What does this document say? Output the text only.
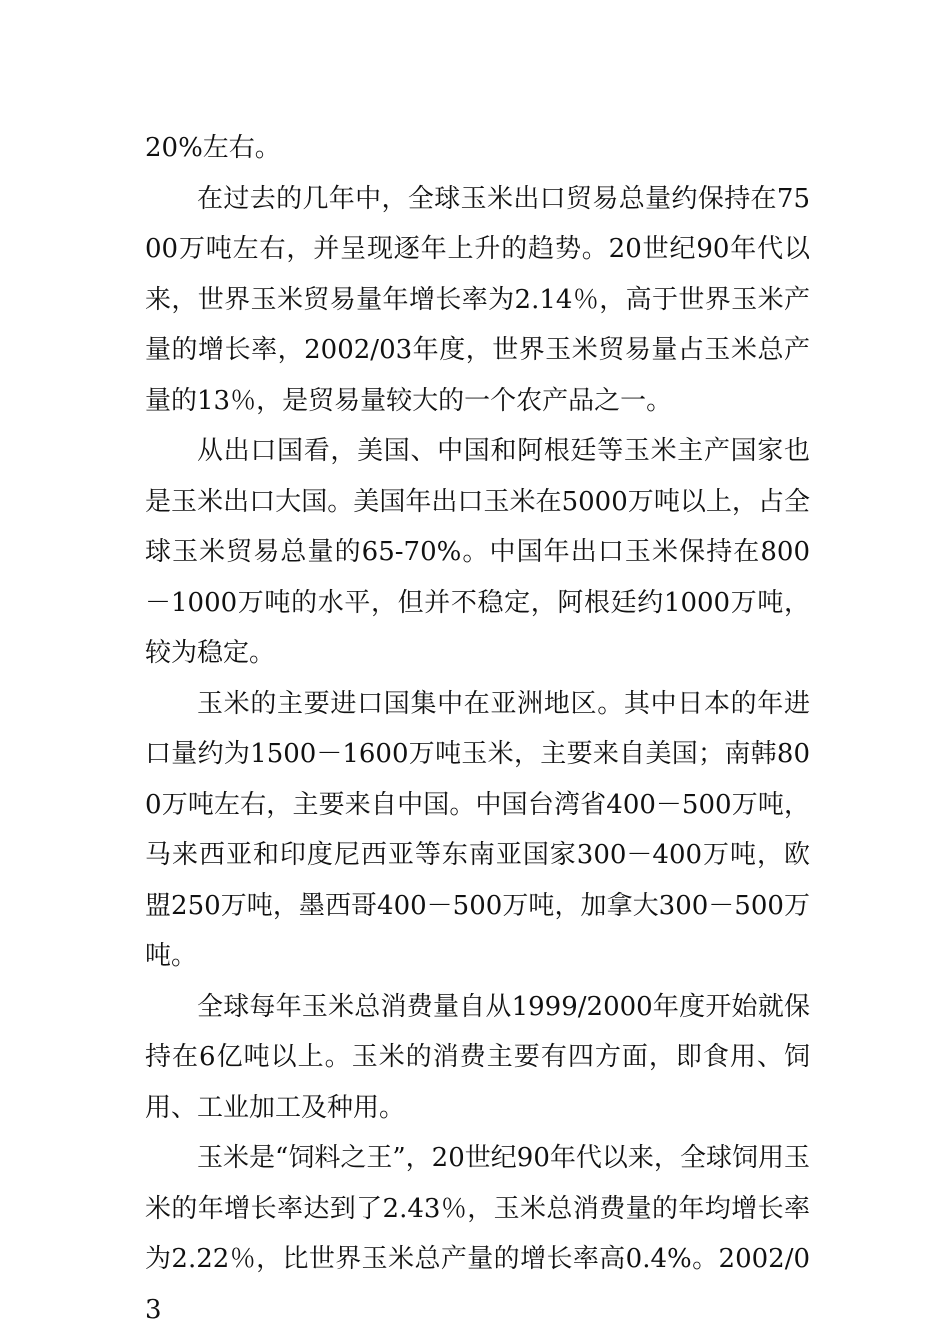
20%左右。

在过去的几年中，全球玉米出口贸易总量约保持在7500万吨左右，并呈现逐年上升的趋势。20世纪90年代以来，世界玉米贸易量年增长率为2.14％，高于世界玉米产量的增长率，2002/03年度，世界玉米贸易量占玉米总产量的13％，是贸易量较大的一个农产品之一。

从出口国看，美国、中国和阿根廷等玉米主产国家也是玉米出口大国。美国年出口玉米在5000万吨以上，占全球玉米贸易总量的65-70%。中国年出口玉米保持在800－1000万吨的水平，但并不稳定，阿根廷约1000万吨，较为稳定。

玉米的主要进口国集中在亚洲地区。其中日本的年进口量约为1500－1600万吨玉米，主要来自美国；南韩800万吨左右，主要来自中国。中国台湾省400－500万吨，马来西亚和印度尼西亚等东南亚国家300－400万吨，欧盟250万吨，墨西哥400－500万吨，加拿大300－500万吨。

全球每年玉米总消费量自从1999/2000年度开始就保持在6亿吨以上。玉米的消费主要有四方面，即食用、饲用、工业加工及种用。

玉米是“饲料之王”，20世纪90年代以来，全球饲用玉米的年增长率达到了2.43％，玉米总消费量的年均增长率为2.22％，比世界玉米总产量的增长率高0.4%。2002/03
